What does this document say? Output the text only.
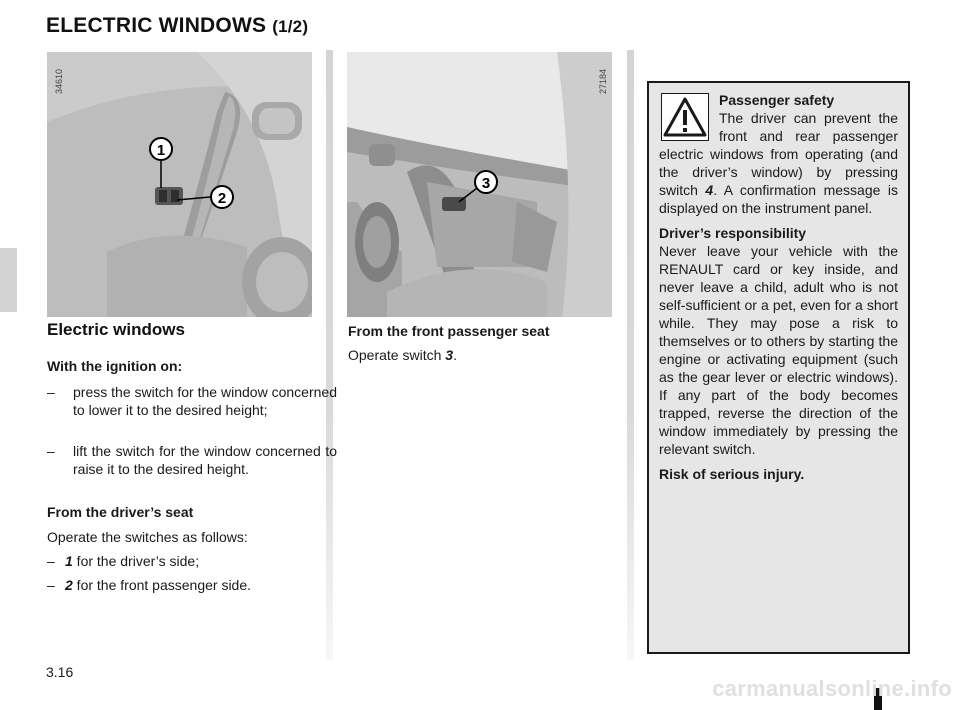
ELECTRIC WINDOWS (1/2)
1
2
34610
3
27184
Electric windows
With the ignition on:
– press the switch for the window concerned to lower it to the desired height;
– lift the switch for the window concerned to raise it to the desired height.
From the driver’s seat
Operate the switches as follows:
– 1 for the driver’s side;
– 2 for the front passenger side.
From the front passenger seat
Operate switch 3.

Passenger safety
The driver can prevent the front and rear passenger electric windows from operating (and the driver’s window) by pressing switch 4. A confirmation message is displayed on the instrument panel.

Driver’s responsibility
Never leave your vehicle with the RENAULT card or key inside, and never leave a child, adult who is not self-sufficient or a pet, even for a short while. They may pose a risk to themselves or to others by starting the engine or activating equipment (such as the gear lever or electric windows). If any part of the body becomes trapped, reverse the direction of the window immediately by pressing the relevant switch.

Risk of serious injury.

3.16
carmanualsonline.info
